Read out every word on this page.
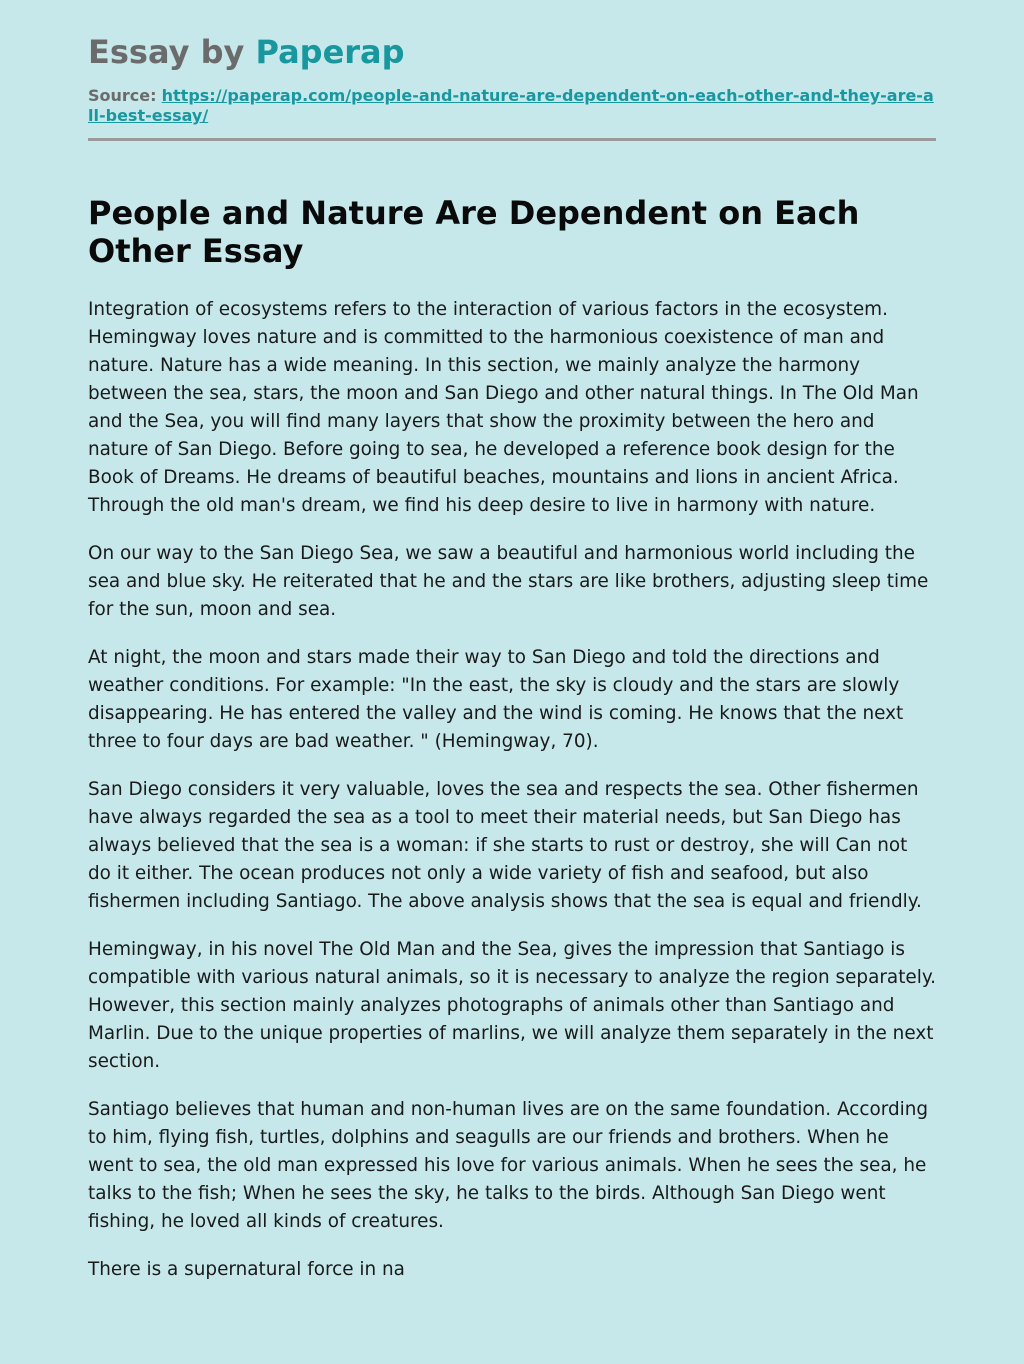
Essay by Paperap
Source: https://paperap.com/people-and-nature-are-dependent-on-each-other-and-they-are-all-best-essay/
People and Nature Are Dependent on Each Other Essay

Integration of ecosystems refers to the interaction of various factors in the ecosystem. Hemingway loves nature and is committed to the harmonious coexistence of man and nature. Nature has a wide meaning. In this section, we mainly analyze the harmony between the sea, stars, the moon and San Diego and other natural things. In The Old Man and the Sea, you will find many layers that show the proximity between the hero and nature of San Diego. Before going to sea, he developed a reference book design for the Book of Dreams. He dreams of beautiful beaches, mountains and lions in ancient Africa. Through the old man's dream, we find his deep desire to live in harmony with nature.

On our way to the San Diego Sea, we saw a beautiful and harmonious world including the sea and blue sky. He reiterated that he and the stars are like brothers, adjusting sleep time for the sun, moon and sea.

At night, the moon and stars made their way to San Diego and told the directions and weather conditions. For example: "In the east, the sky is cloudy and the stars are slowly disappearing. He has entered the valley and the wind is coming. He knows that the next three to four days are bad weather. " (Hemingway, 70).

San Diego considers it very valuable, loves the sea and respects the sea. Other fishermen have always regarded the sea as a tool to meet their material needs, but San Diego has always believed that the sea is a woman: if she starts to rust or destroy, she will Can not do it either. The ocean produces not only a wide variety of fish and seafood, but also fishermen including Santiago. The above analysis shows that the sea is equal and friendly.

Hemingway, in his novel The Old Man and the Sea, gives the impression that Santiago is compatible with various natural animals, so it is necessary to analyze the region separately. However, this section mainly analyzes photographs of animals other than Santiago and Marlin. Due to the unique properties of marlins, we will analyze them separately in the next section.

Santiago believes that human and non-human lives are on the same foundation. According to him, flying fish, turtles, dolphins and seagulls are our friends and brothers. When he went to sea, the old man expressed his love for various animals. When he sees the sea, he talks to the fish; When he sees the sky, he talks to the birds. Although San Diego went fishing, he loved all kinds of creatures.

There is a supernatural force in na
